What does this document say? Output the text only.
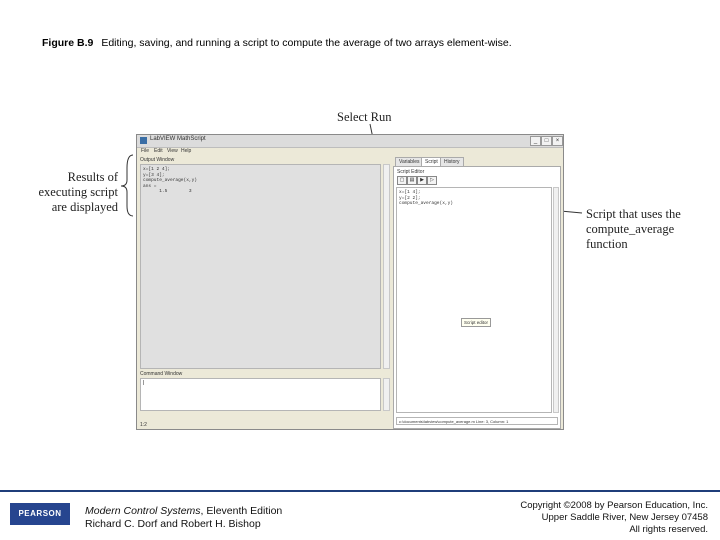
Figure B.9 Editing, saving, and running a script to compute the average of two arrays element-wise.
Results of
executing script
are displayed
Select Run
Script that uses the
compute_average
function
LabVIEW MathScript	_	□	×
File Edit View Help
Output Window
x=[1 2 4];
y=[3 4];
compute_average(x,y)
ans =
1.5        3
Command Window
|
1:2
Variables	Script	History
Script Editor
▢	▤	▶	▷
x=[1 4];
y=[2 2];
compute_average(x,y)
Script editor
c:\documents\labview\compute_average.m Line: 3, Column: 1
PEARSON	Modern Control Systems, Eleventh Edition
Richard C. Dorf and Robert H. Bishop
Copyright ©2008 by Pearson Education, Inc.
Upper Saddle River, New Jersey 07458
All rights reserved.
